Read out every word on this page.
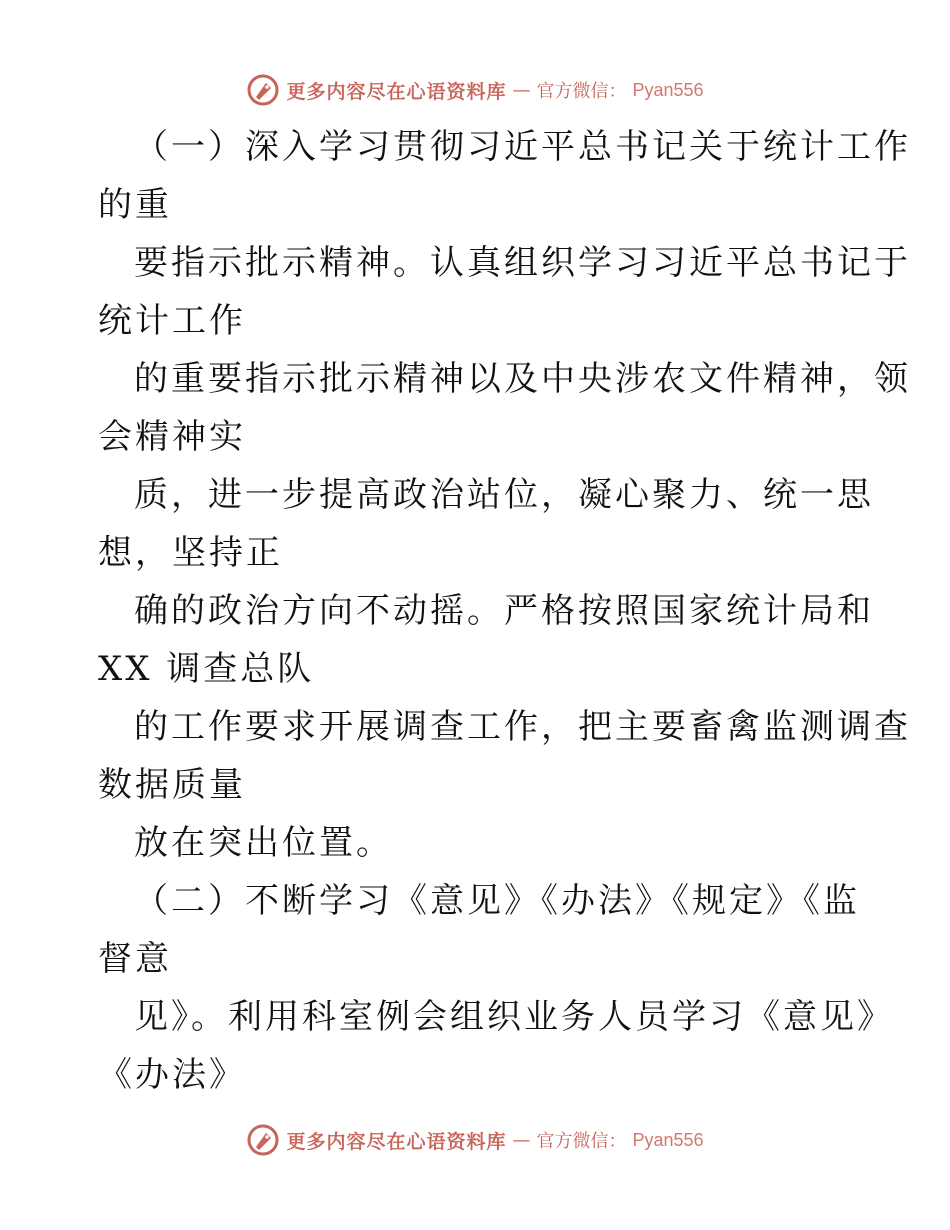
更多内容尽在心语资料库 — 官方微信： Pyan556
（一）深入学习贯彻习近平总书记关于统计工作
的重
要指示批示精神。认真组织学习习近平总书记于
统计工作
的重要指示批示精神以及中央涉农文件精神，领
会精神实
质，进一步提高政治站位，凝心聚力、统一思
想，坚持正
确的政治方向不动摇。严格按照国家统计局和
XX 调查总队
的工作要求开展调查工作，把主要畜禽监测调查
数据质量
放在突出位置。
（二）不断学习《意见》《办法》《规定》《监
督意
见》。利用科室例会组织业务人员学习《意见》
《办法》
更多内容尽在心语资料库 — 官方微信： Pyan556
